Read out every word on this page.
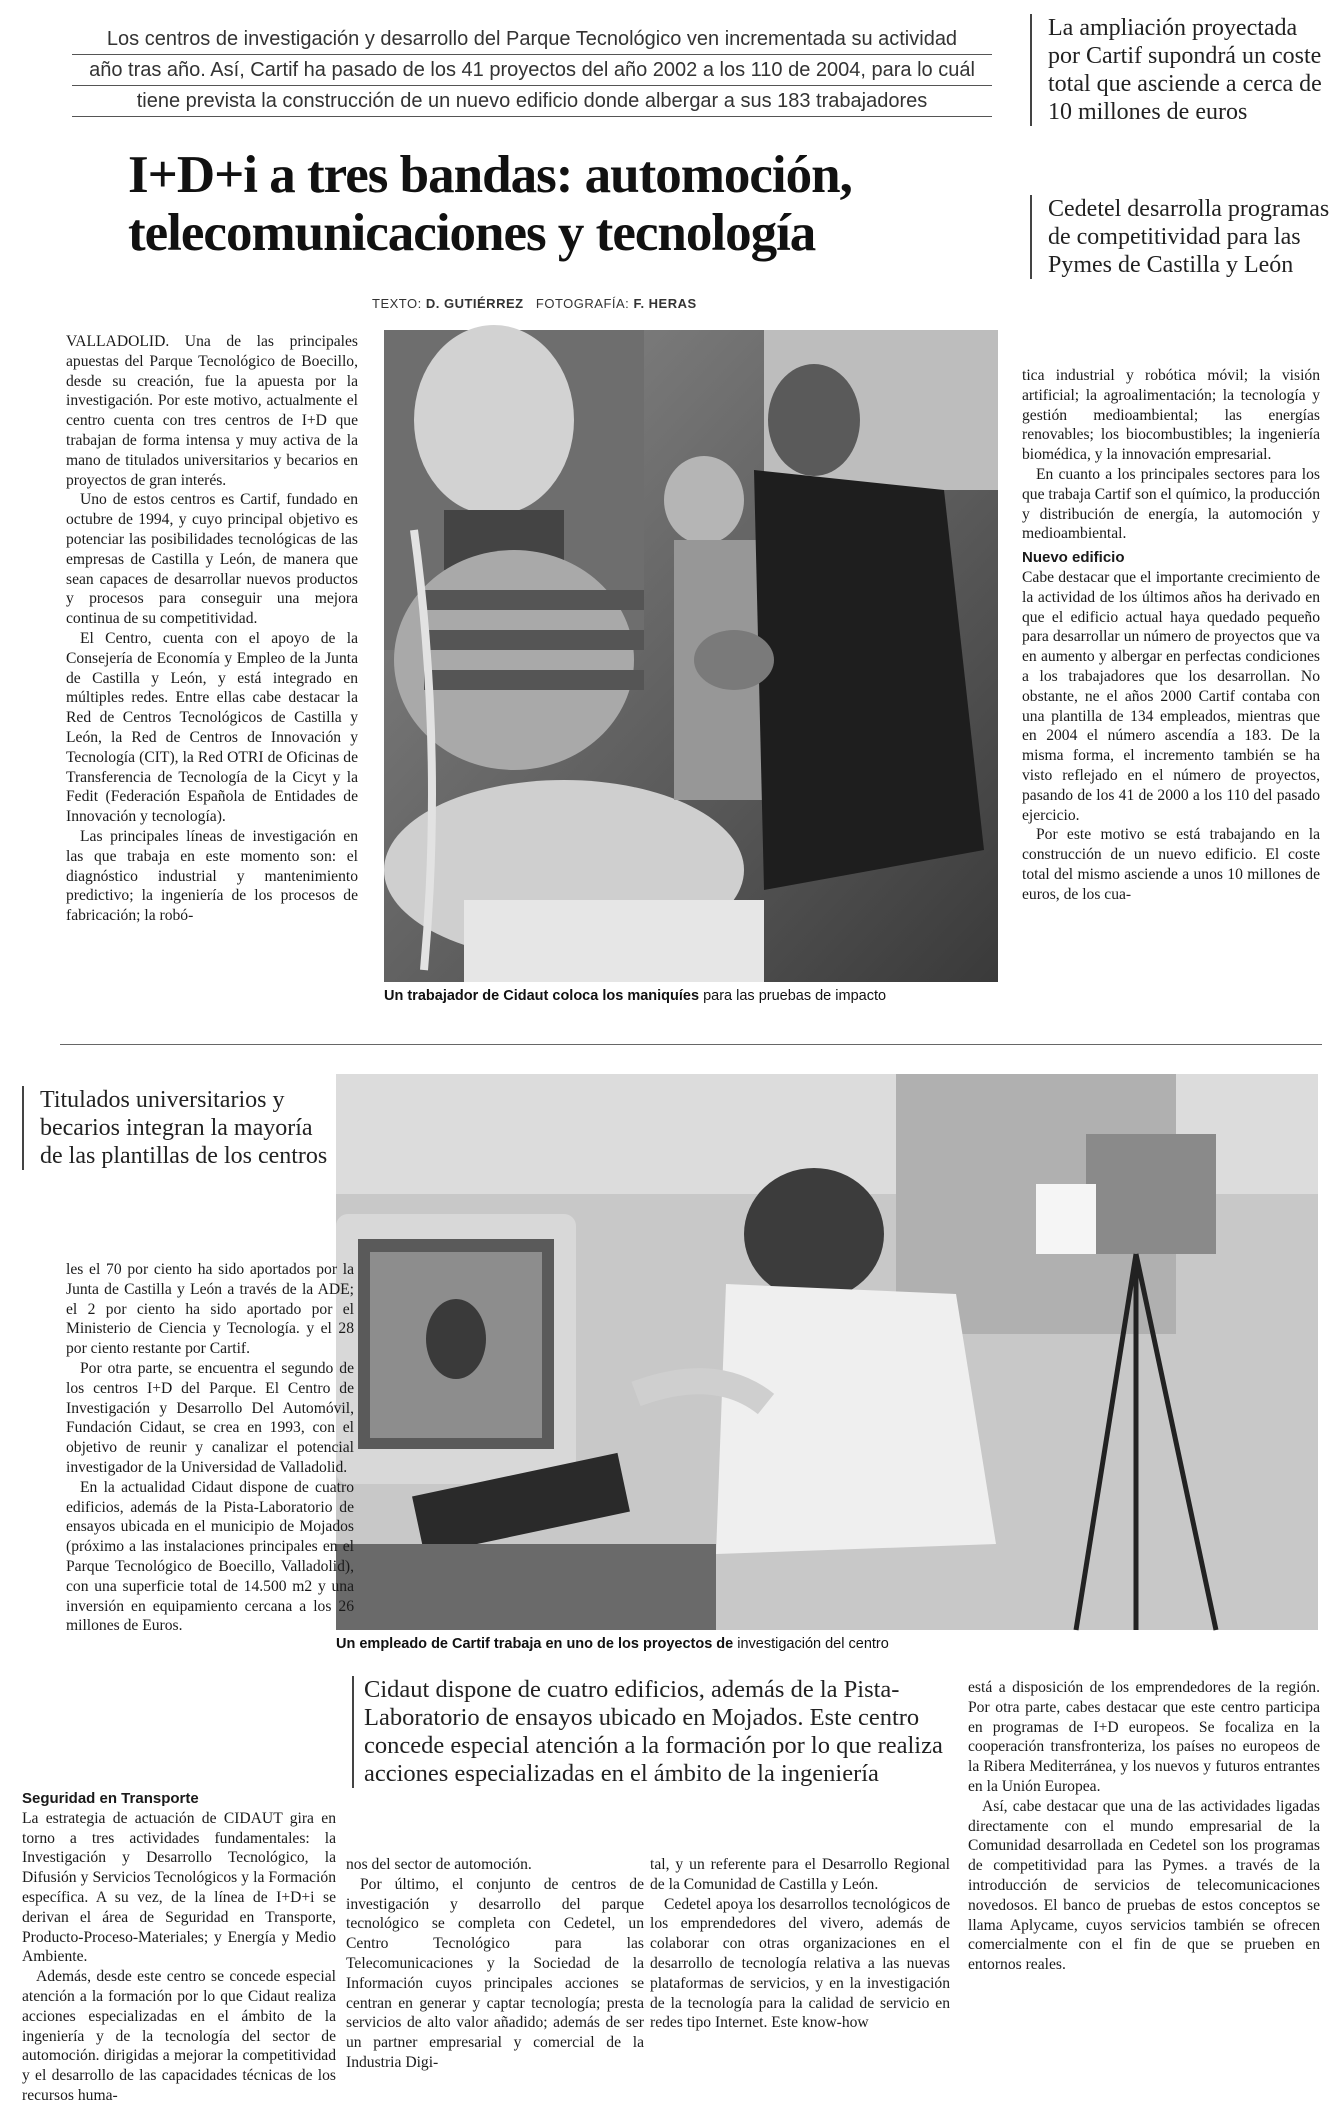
Los centros de investigación y desarrollo del Parque Tecnológico ven incrementada su actividad
año tras año. Así, Cartif ha pasado de los 41 proyectos del año 2002 a los 110 de 2004, para lo cuál
tiene prevista la construcción de un nuevo edificio donde albergar a sus 183 trabajadores
La ampliación proyectada por Cartif supondrá un coste total que asciende a cerca de 10 millones de euros
Cedetel desarrolla programas de competitividad para las Pymes de Castilla y León
I+D+i a tres bandas: automoción,
telecomunicaciones y tecnología
TEXTO: D. GUTIÉRREZ FOTOGRAFÍA: F. HERAS

VALLADOLID. Una de las principales apuestas del Parque Tecnológico de Boecillo, desde su creación, fue la apuesta por la investigación. Por este motivo, actualmente el centro cuenta con tres centros de I+D que trabajan de forma intensa y muy activa de la mano de titulados universitarios y becarios en proyectos de gran interés.

Uno de estos centros es Cartif, fundado en octubre de 1994, y cuyo principal objetivo es potenciar las posibilidades tecnológicas de las empresas de Castilla y León, de manera que sean capaces de desarrollar nuevos productos y procesos para conseguir una mejora continua de su competitividad.

El Centro, cuenta con el apoyo de la Consejería de Economía y Empleo de la Junta de Castilla y León, y está integrado en múltiples redes. Entre ellas cabe destacar la Red de Centros Tecnológicos de Castilla y León, la Red de Centros de Innovación y Tecnología (CIT), la Red OTRI de Oficinas de Transferencia de Tecnología de la Cicyt y la Fedit (Federación Española de Entidades de Innovación y tecnología).

Las principales líneas de investigación en las que trabaja en este momento son: el diagnóstico industrial y mantenimiento predictivo; la ingeniería de los procesos de fabricación; la robó-

Un trabajador de Cidaut coloca los maniquíes para las pruebas de impacto

tica industrial y robótica móvil; la visión artificial; la agroalimentación; la tecnología y gestión medioambiental; las energías renovables; los biocombustibles; la ingeniería biomédica, y la innovación empresarial.

En cuanto a los principales sectores para los que trabaja Cartif son el químico, la producción y distribución de energía, la automoción y medioambiental.

Nuevo edificio

Cabe destacar que el importante crecimiento de la actividad de los últimos años ha derivado en que el edificio actual haya quedado pequeño para desarrollar un número de proyectos que va en aumento y albergar en perfectas condiciones a los trabajadores que los desarrollan. No obstante, ne el años 2000 Cartif contaba con una plantilla de 134 empleados, mientras que en 2004 el número ascendía a 183. De la misma forma, el incremento también se ha visto reflejado en el número de proyectos, pasando de los 41 de 2000 a los 110 del pasado ejercicio.

Por este motivo se está trabajando en la construcción de un nuevo edificio. El coste total del mismo asciende a unos 10 millones de euros, de los cua-

Titulados universitarios y becarios integran la mayoría de las plantillas de los centros
Un empleado de Cartif trabaja en uno de los proyectos de investigación del centro

les el 70 por ciento ha sido aportados por la Junta de Castilla y León a través de la ADE; el 2 por ciento ha sido aportado por el Ministerio de Ciencia y Tecnología. y el 28 por ciento restante por Cartif.

Por otra parte, se encuentra el segundo de los centros I+D del Parque. El Centro de Investigación y Desarrollo Del Automóvil, Fundación Cidaut, se crea en 1993, con el objetivo de reunir y canalizar el potencial investigador de la Universidad de Valladolid.

En la actualidad Cidaut dispone de cuatro edificios, además de la Pista-Laboratorio de ensayos ubicada en el municipio de Mojados (próximo a las instalaciones principales en el Parque Tecnológico de Boecillo, Valladolid), con una superficie total de 14.500 m2 y una inversión en equipamiento cercana a los 26 millones de Euros.

Seguridad en Transporte

La estrategia de actuación de CIDAUT gira en torno a tres actividades fundamentales: la Investigación y Desarrollo Tecnológico, la Difusión y Servicios Tecnológicos y la Formación específica. A su vez, de la línea de I+D+i se derivan el área de Seguridad en Transporte, Producto-Proceso-Materiales; y Energía y Medio Ambiente.

Además, desde este centro se concede especial atención a la formación por lo que Cidaut realiza acciones especializadas en el ámbito de la ingeniería y de la tecnología del sector de automoción. dirigidas a mejorar la competitividad y el desarrollo de las capacidades técnicas de los recursos huma-

Cidaut dispone de cuatro edificios, además de la Pista-Laboratorio de ensayos ubicado en Mojados. Este centro concede especial atención a la formación por lo que realiza acciones especializadas en el ámbito de la ingeniería

nos del sector de automoción.

Por último, el conjunto de centros de investigación y desarrollo del parque tecnológico se completa con Cedetel, un Centro Tecnológico para las Telecomunicaciones y la Sociedad de la Información cuyos principales acciones se centran en generar y captar tecnología; presta servicios de alto valor añadido; además de ser un partner empresarial y comercial de la Industria Digi-

tal, y un referente para el Desarrollo Regional de la Comunidad de Castilla y León.

Cedetel apoya los desarrollos tecnológicos de los emprendedores del vivero, además de colaborar con otras organizaciones en el desarrollo de tecnología relativa a las nuevas plataformas de servicios, y en la investigación de la tecnología para la calidad de servicio en redes tipo Internet. Este know-how

está a disposición de los emprendedores de la región. Por otra parte, cabes destacar que este centro participa en programas de I+D europeos. Se focaliza en la cooperación transfronteriza, los países no europeos de la Ribera Mediterránea, y los nuevos y futuros entrantes en la Unión Europea.

Así, cabe destacar que una de las actividades ligadas directamente con el mundo empresarial de la Comunidad desarrollada en Cedetel son los programas de competitividad para las Pymes. a través de la introducción de servicios de telecomunicaciones novedosos. El banco de pruebas de estos conceptos se llama Aplycame, cuyos servicios también se ofrecen comercialmente con el fin de que se prueben en entornos reales.
